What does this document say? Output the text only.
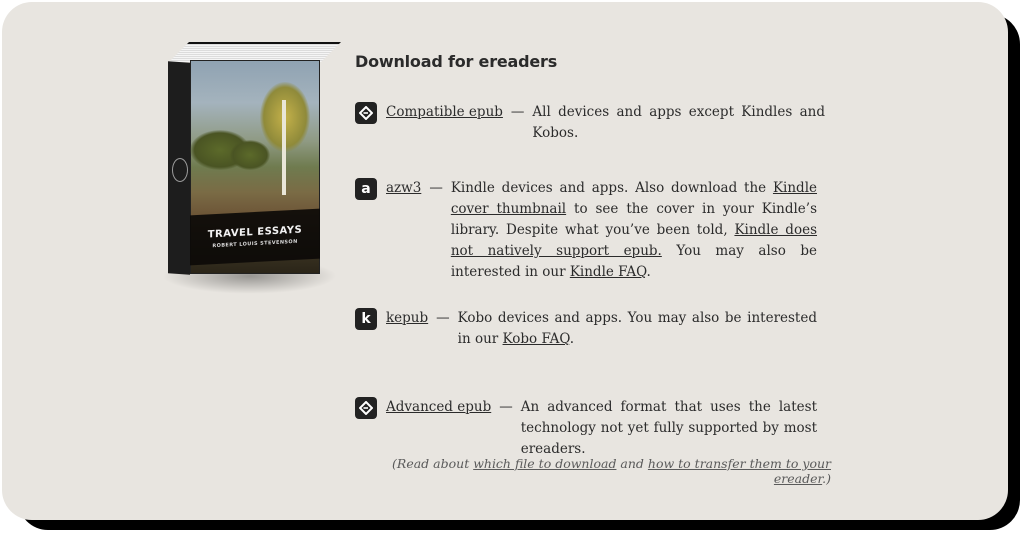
TRAVEL ESSAYS
ROBERT LOUIS STEVENSON
Download for ereaders
Compatible epub — All devices and apps except Kindles and Kobos.
a	azw3 — Kindle devices and apps. Also download the Kindle cover thumbnail to see the cover in your Kindle’s library. Despite what you’ve been told, Kindle does not natively support epub. You may also be interested in our Kindle FAQ.
k	kepub — Kobo devices and apps. You may also be interested in our Kobo FAQ.
Advanced epub — An advanced format that uses the latest technology not yet fully supported by most ereaders.
(Read about which file to download and how to transfer them to your ereader.)
